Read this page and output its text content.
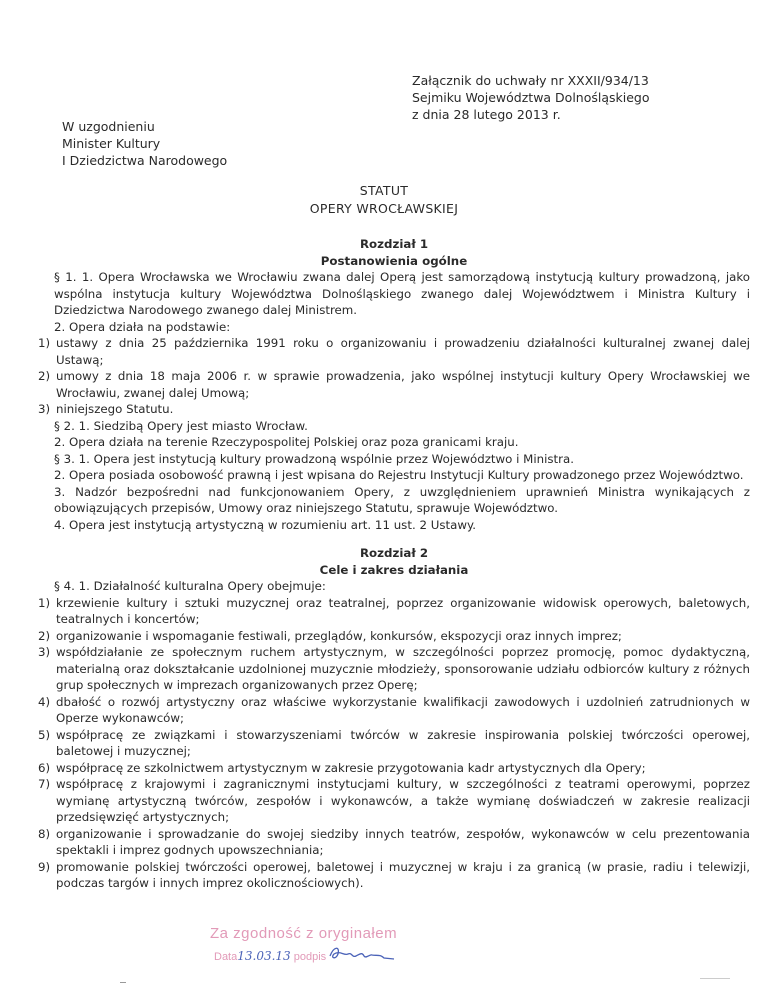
Załącznik do uchwały nr XXXII/934/13
Sejmiku Województwa Dolnośląskiego
z dnia 28 lutego 2013 r.
W uzgodnieniu
Minister Kultury
I Dziedzictwa Narodowego
STATUT
OPERY WROCŁAWSKIEJ

Rozdział 1

Postanowienia ogólne

§ 1. 1. Opera Wrocławska we Wrocławiu zwana dalej Operą jest samorządową instytucją kultury prowadzoną, jako wspólna instytucja kultury Województwa Dolnośląskiego zwanego dalej Województwem i Ministra Kultury i Dziedzictwa Narodowego zwanego dalej Ministrem.

2. Opera działa na podstawie:

1) ustawy z dnia 25 października 1991 roku o organizowaniu i prowadzeniu działalności kulturalnej zwanej dalej Ustawą;
2) umowy z dnia 18 maja 2006 r. w sprawie prowadzenia, jako wspólnej instytucji kultury Opery Wrocławskiej we Wrocławiu, zwanej dalej Umową;
3) niniejszego Statutu.

§ 2. 1. Siedzibą Opery jest miasto Wrocław.

2. Opera działa na terenie Rzeczypospolitej Polskiej oraz poza granicami kraju.

§ 3. 1. Opera jest instytucją kultury prowadzoną wspólnie przez Województwo i Ministra.

2. Opera posiada osobowość prawną i jest wpisana do Rejestru Instytucji Kultury prowadzonego przez Województwo.

3. Nadzór bezpośredni nad funkcjonowaniem Opery, z uwzględnieniem uprawnień Ministra wynikających z obowiązujących przepisów, Umowy oraz niniejszego Statutu, sprawuje Województwo.

4. Opera jest instytucją artystyczną w rozumieniu art. 11 ust. 2 Ustawy.

Rozdział 2

Cele i zakres działania

§ 4. 1. Działalność kulturalna Opery obejmuje:

1) krzewienie kultury i sztuki muzycznej oraz teatralnej, poprzez organizowanie widowisk operowych, baletowych, teatralnych i koncertów;
2) organizowanie i wspomaganie festiwali, przeglądów, konkursów, ekspozycji oraz innych imprez;
3) współdziałanie ze społecznym ruchem artystycznym, w szczególności poprzez promocję, pomoc dydaktyczną, materialną oraz dokształcanie uzdolnionej muzycznie młodzieży, sponsorowanie udziału odbiorców kultury z różnych grup społecznych w imprezach organizowanych przez Operę;
4) dbałość o rozwój artystyczny oraz właściwe wykorzystanie kwalifikacji zawodowych i uzdolnień zatrudnionych w Operze wykonawców;
5) współpracę ze związkami i stowarzyszeniami twórców w zakresie inspirowania polskiej twórczości operowej, baletowej i muzycznej;
6) współpracę ze szkolnictwem artystycznym w zakresie przygotowania kadr artystycznych dla Opery;
7) współpracę z krajowymi i zagranicznymi instytucjami kultury, w szczególności z teatrami operowymi, poprzez wymianę artystyczną twórców, zespołów i wykonawców, a także wymianę doświadczeń w zakresie realizacji przedsięwzięć artystycznych;
8) organizowanie i sprowadzanie do swojej siedziby innych teatrów, zespołów, wykonawców w celu prezentowania spektakli i imprez godnych upowszechniania;
9) promowanie polskiej twórczości operowej, baletowej i muzycznej w kraju i za granicą (w prasie, radiu i telewizji, podczas targów i innych imprez okolicznościowych).
Za zgodność z oryginałem
Data13.03.13 podpis
